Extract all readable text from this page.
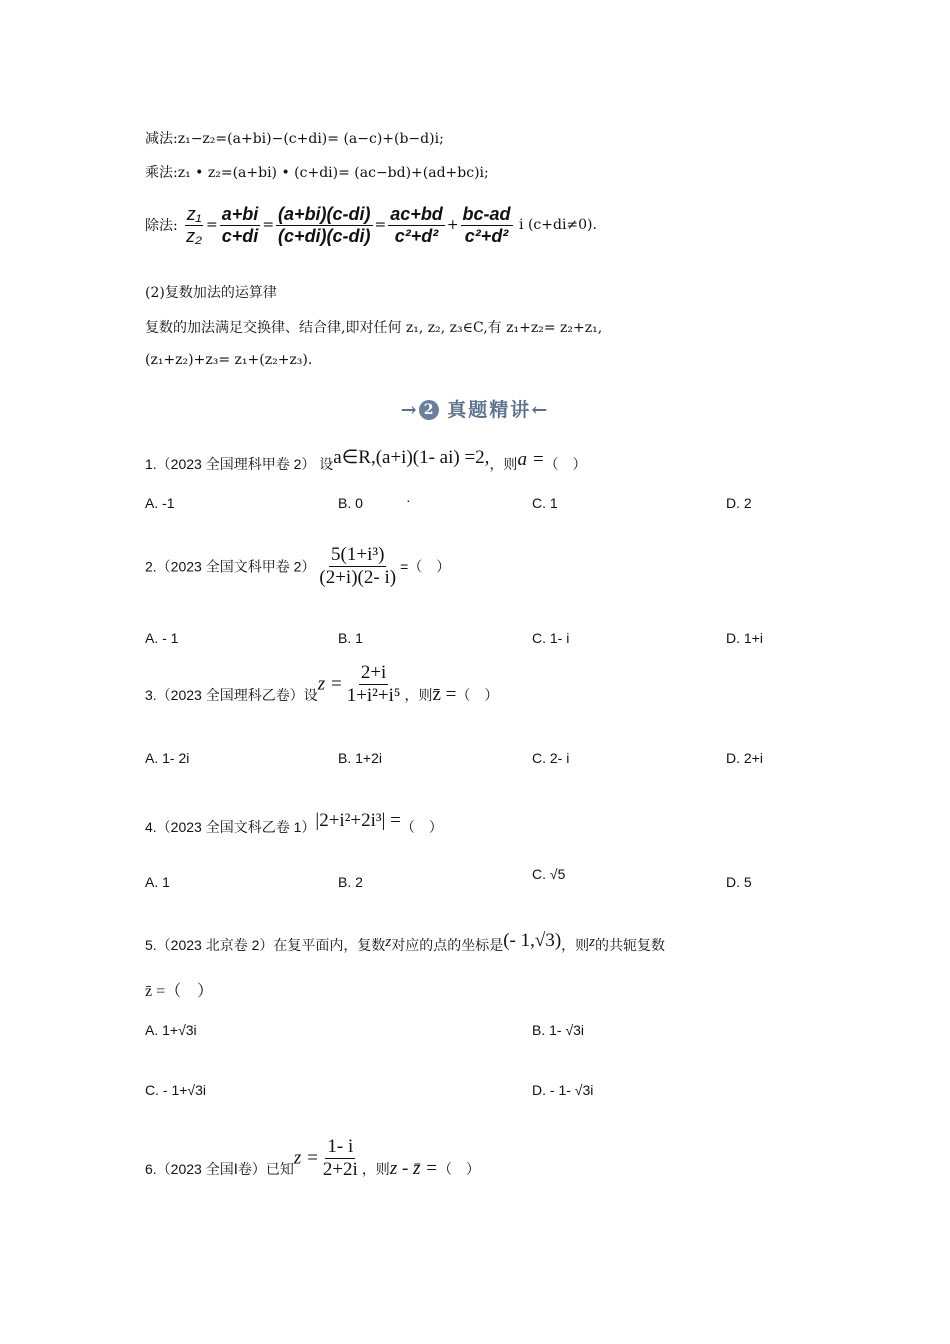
减法:z₁−z₂=(a+bi)−(c+di)= (a−c)+(b−d)i;
乘法:z₁ • z₂=(a+bi) • (c+di)= (ac−bd)+(ad+bc)i;
除法: $\frac{\text{z₁}}{\text{z₂}} = \frac{a+bi}{c+di} = \frac{(a+bi)(c-di)}{(c+di)(c-di)} = \frac{ac+bd}{\text{c²+d²}} + \frac{bc-ad}{\text{c²+d²}}$ i (c+di≠0).
(2)复数加法的运算律
复数的加法满足交换律、结合律,即对任何 z₁, z₂, z₃∈C,有 z₁+z₂= z₂+z₁,
(z₁+z₂)+z₃= z₁+(z₂+z₃).
→ 2 真题精讲←
1.（2023 全国理科甲卷 2） 设a∈R,(a+i)(1- ai) =2,，则a =（　）
A. -1	B. 0	·	C. 1	D. 2
2.（2023 全国文科甲卷 $2) \frac{\text{5(1+i³)}}{(2+i)(2- i)}$ =（　）
A. - 1	B. 1	C. 1- i	D. 1+i
3.（2023 全国理科乙卷）设$z = \frac{2+i}{\text{1+i²+i⁵}}$ ，则z̄ =（　）
A. 1- 2i	B. 1+2i	C. 2- i	D. 2+i
4.（2023 全国文科乙卷 1）|2+i²+2i³| =（　）
A. 1	B. 2	C. √5	D. 5
5.（2023 北京卷 2）在复平面内，复数z对应的点的坐标是(- 1,√3)，则z的共轭复数
z̄ =（　）
A. 1+√3i	B. 1- √3i
C. - 1+√3i	D. - 1- √3i
6.（2023 全国Ⅰ卷）已知$z = \frac{1- i}{2+2i}$ ，则z - z̄ =（　）
